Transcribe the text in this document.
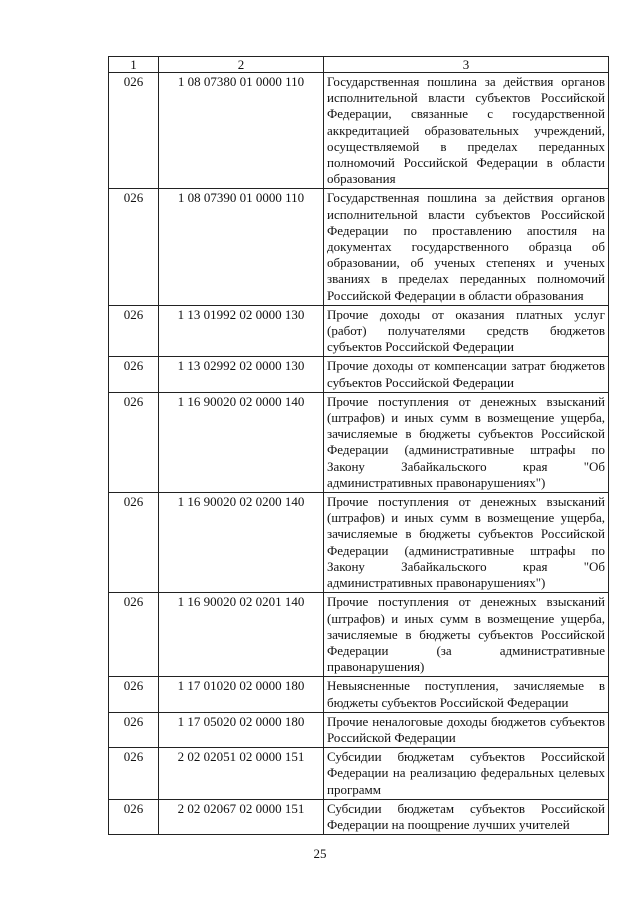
1	2	3
026	1 08 07380 01 0000 110	Государственная пошлина за действия органов исполнительной власти субъектов Российской Федерации, связанные с государственной аккредитацией образовательных учреждений, осуществляемой в пределах переданных полномочий Российской Федерации в области образования
026	1 08 07390 01 0000 110	Государственная пошлина за действия органов исполнительной власти субъектов Российской Федерации по проставлению апостиля на документах государственного образца об образовании, об ученых степенях и ученых званиях в пределах переданных полномочий Российской Федерации в области образования
026	1 13 01992 02 0000 130	Прочие доходы от оказания платных услуг (работ) получателями средств бюджетов субъектов Российской Федерации
026	1 13 02992 02 0000 130	Прочие доходы от компенсации затрат бюджетов субъектов Российской Федерации
026	1 16 90020 02 0000 140	Прочие поступления от денежных взысканий (штрафов) и иных сумм в возмещение ущерба, зачисляемые в бюджеты субъектов Российской Федерации (административные штрафы по Закону Забайкальского края "Об административных правонарушениях")
026	1 16 90020 02 0200 140	Прочие поступления от денежных взысканий (штрафов) и иных сумм в возмещение ущерба, зачисляемые в бюджеты субъектов Российской Федерации (административные штрафы по Закону Забайкальского края "Об административных правонарушениях")
026	1 16 90020 02 0201 140	Прочие поступления от денежных взысканий (штрафов) и иных сумм в возмещение ущерба, зачисляемые в бюджеты субъектов Российской Федерации (за административные правонарушения)
026	1 17 01020 02 0000 180	Невыясненные поступления, зачисляемые в бюджеты субъектов Российской Федерации
026	1 17 05020 02 0000 180	Прочие неналоговые доходы бюджетов субъектов Российской Федерации
026	2 02 02051 02 0000 151	Субсидии бюджетам субъектов Российской Федерации на реализацию федеральных целевых программ
026	2 02 02067 02 0000 151	Субсидии бюджетам субъектов Российской Федерации на поощрение лучших учителей
25
